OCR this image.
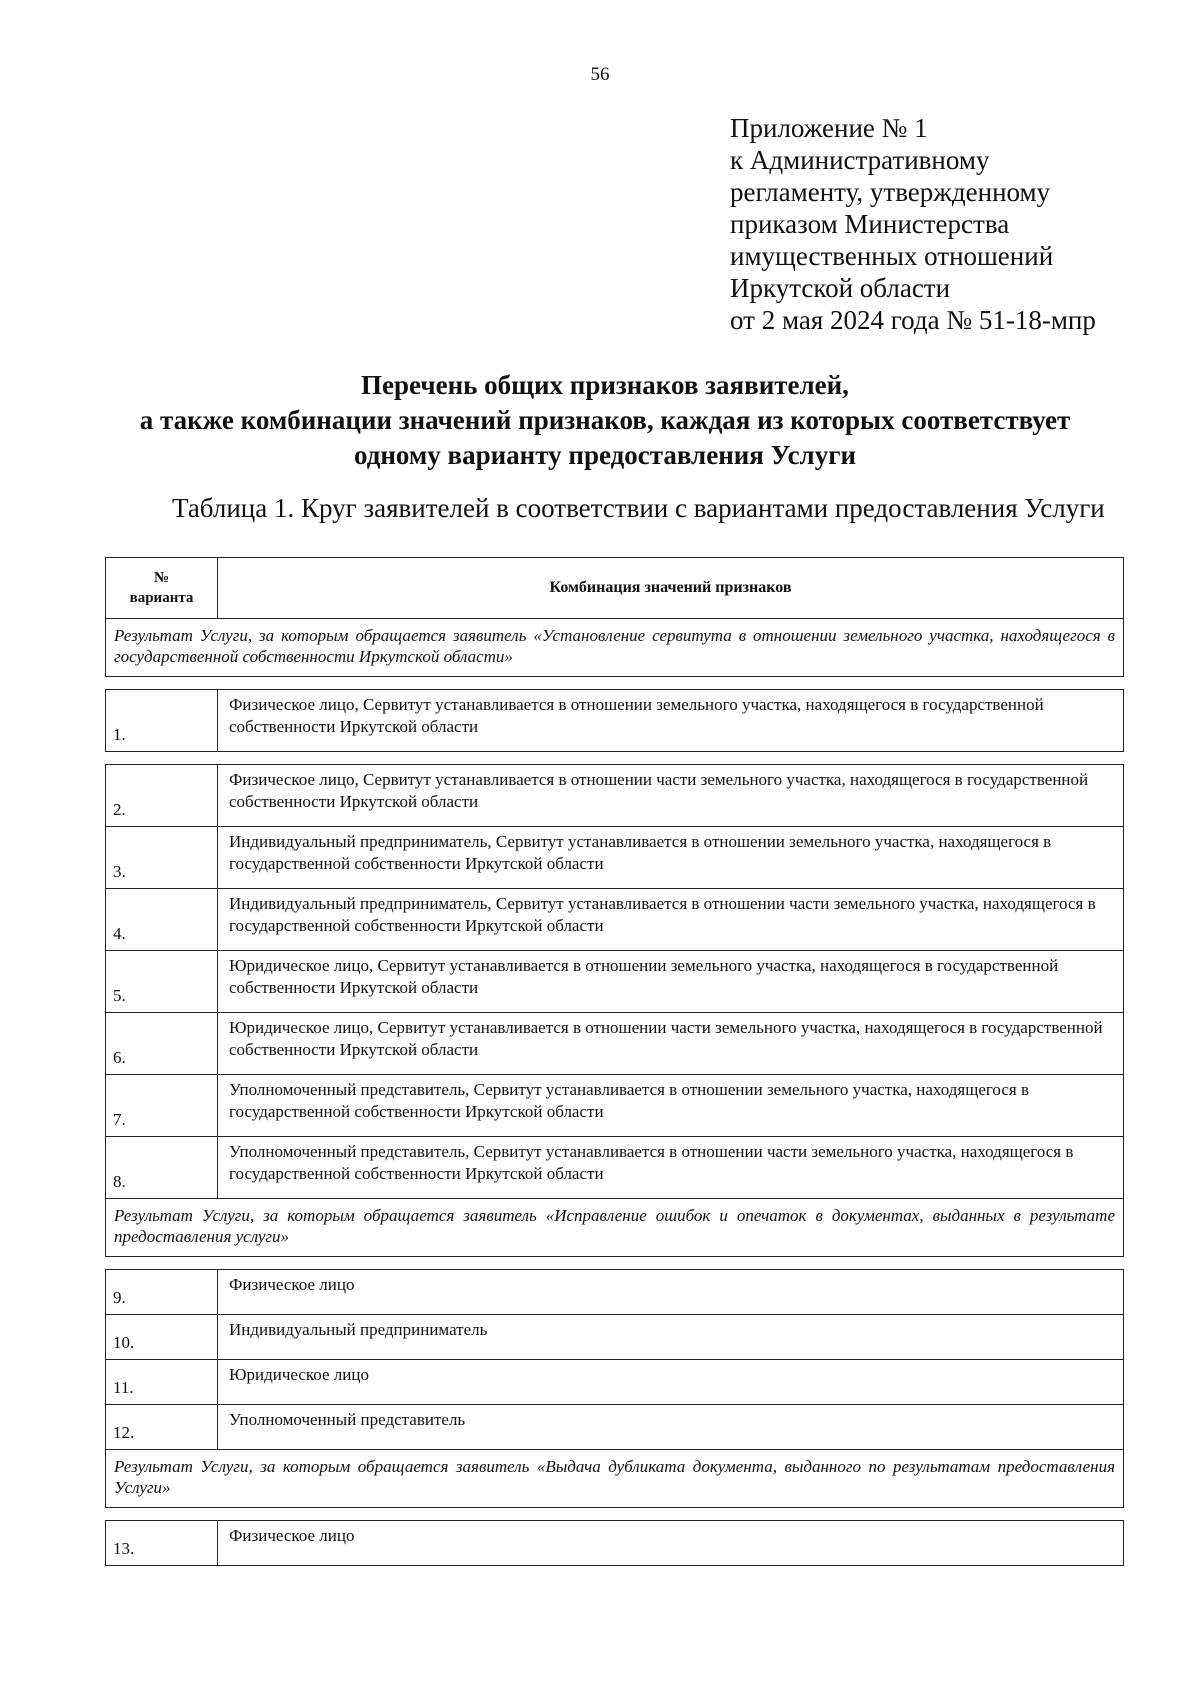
56
Приложение № 1
к Административному
регламенту, утвержденному
приказом Министерства
имущественных отношений
Иркутской области
от 2 мая 2024 года № 51-18-мпр
Перечень общих признаков заявителей,
а также комбинации значений признаков, каждая из которых соответствует
одному варианту предоставления Услуги
Таблица 1. Круг заявителей в соответствии с вариантами предоставления Услуги
№
варианта	Комбинация значений признаков
Результат Услуги, за которым обращается заявитель «Установление сервитута в отношении земельного участка, находящегося в государственной собственности Иркутской области»	

1.	Физическое лицо, Сервитут устанавливается в отношении земельного участка, находящегося в государственной собственности Иркутской области

2.	Физическое лицо, Сервитут устанавливается в отношении части земельного участка, находящегося в государственной собственности Иркутской области
3.	Индивидуальный предприниматель, Сервитут устанавливается в отношении земельного участка, находящегося в государственной собственности Иркутской области
4.	Индивидуальный предприниматель, Сервитут устанавливается в отношении части земельного участка, находящегося в государственной собственности Иркутской области
5.	Юридическое лицо, Сервитут устанавливается в отношении земельного участка, находящегося в государственной собственности Иркутской области
6.	Юридическое лицо, Сервитут устанавливается в отношении части земельного участка, находящегося в государственной собственности Иркутской области
7.	Уполномоченный представитель, Сервитут устанавливается в отношении земельного участка, находящегося в государственной собственности Иркутской области
8.	Уполномоченный представитель, Сервитут устанавливается в отношении части земельного участка, находящегося в государственной собственности Иркутской области
Результат Услуги, за которым обращается заявитель «Исправление ошибок и опечаток в документах, выданных в результате предоставления услуги»	

9.	Физическое лицо
10.	Индивидуальный предприниматель
11.	Юридическое лицо
12.	Уполномоченный представитель
Результат Услуги, за которым обращается заявитель «Выдача дубликата документа, выданного по результатам предоставления Услуги»	

13.	Физическое лицо
